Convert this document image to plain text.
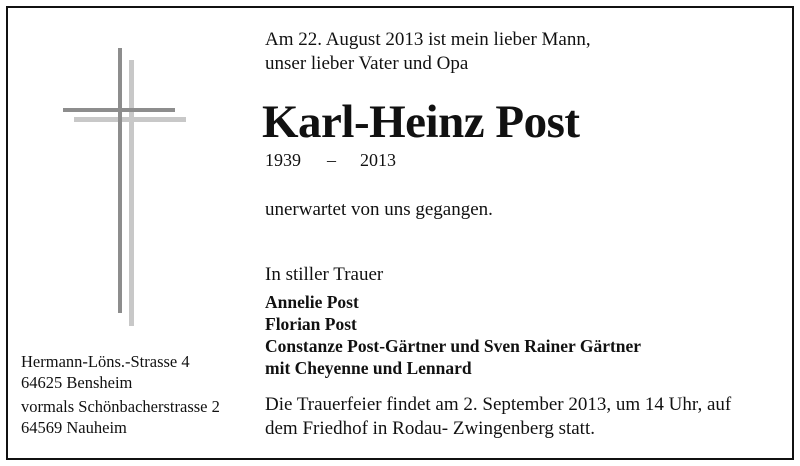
Am 22. August 2013 ist mein lieber Mann,
unser lieber Vater und Opa
Karl-Heinz Post
1939 – 2013
unerwartet von uns gegangen.
In stiller Trauer
Annelie Post
Florian Post
Constanze Post-Gärtner und Sven Rainer Gärtner
mit Cheyenne und Lennard
Die Trauerfeier findet am 2. September 2013, um 14 Uhr, auf
dem Friedhof in Rodau- Zwingenberg statt.
Hermann-Löns.-Strasse 4
64625 Bensheim
vormals Schönbacherstrasse 2
64569 Nauheim
